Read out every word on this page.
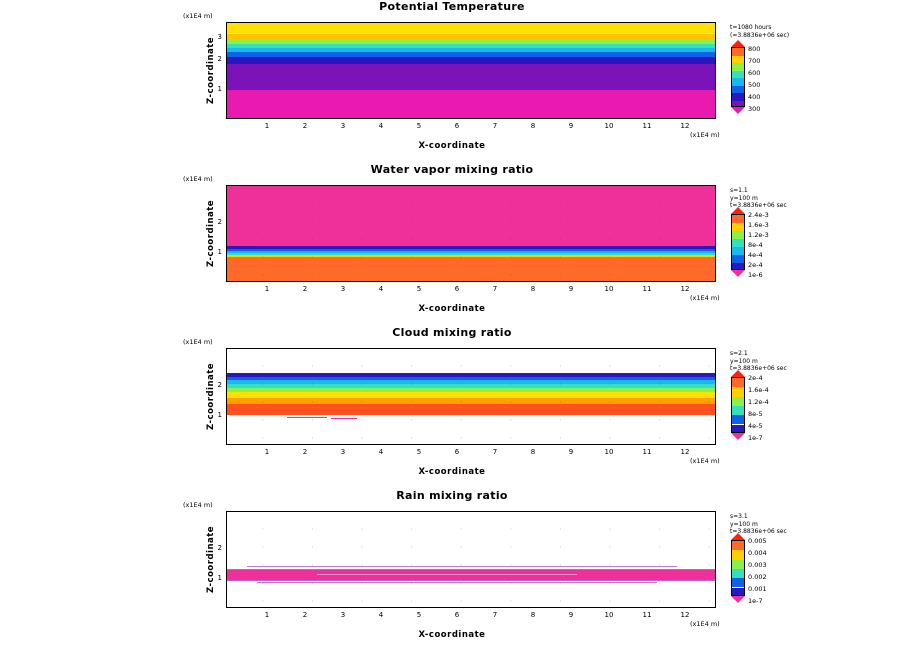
Potential Temperature
(x1E4 m)
Z-coordinate 3
2
1
1	2	3	4	5	6	7	8	9	10	11	12
(x1E4 m)
X-coordinate
t=1080 hours
(=3.8836e+06 sec)
800
700
600
500
400
300
Water vapor mixing ratio
(x1E4 m)
Z-coordinate 2
1
1	2	3	4	5	6	7	8	9	10	11	12
(x1E4 m)
X-coordinate
s=1.1
y=100 m
t=3.8836e+06 sec
2.4e-3
1.6e-3
1.2e-3
8e-4
4e-4
2e-4
1e-6
Cloud mixing ratio
(x1E4 m)
Z-coordinate 2
1
1	2	3	4	5	6	7	8	9	10	11	12
(x1E4 m)
X-coordinate
s=2.1
y=100 m
t=3.8836e+06 sec
2e-4
1.6e-4
1.2e-4
8e-5
4e-5
1e-7
Rain mixing ratio
(x1E4 m)
Z-coordinate 2
1
1	2	3	4	5	6	7	8	9	10	11	12
(x1E4 m)
X-coordinate
s=3.1
y=100 m
t=3.8836e+06 sec
0.005
0.004
0.003
0.002
0.001
1e-7
